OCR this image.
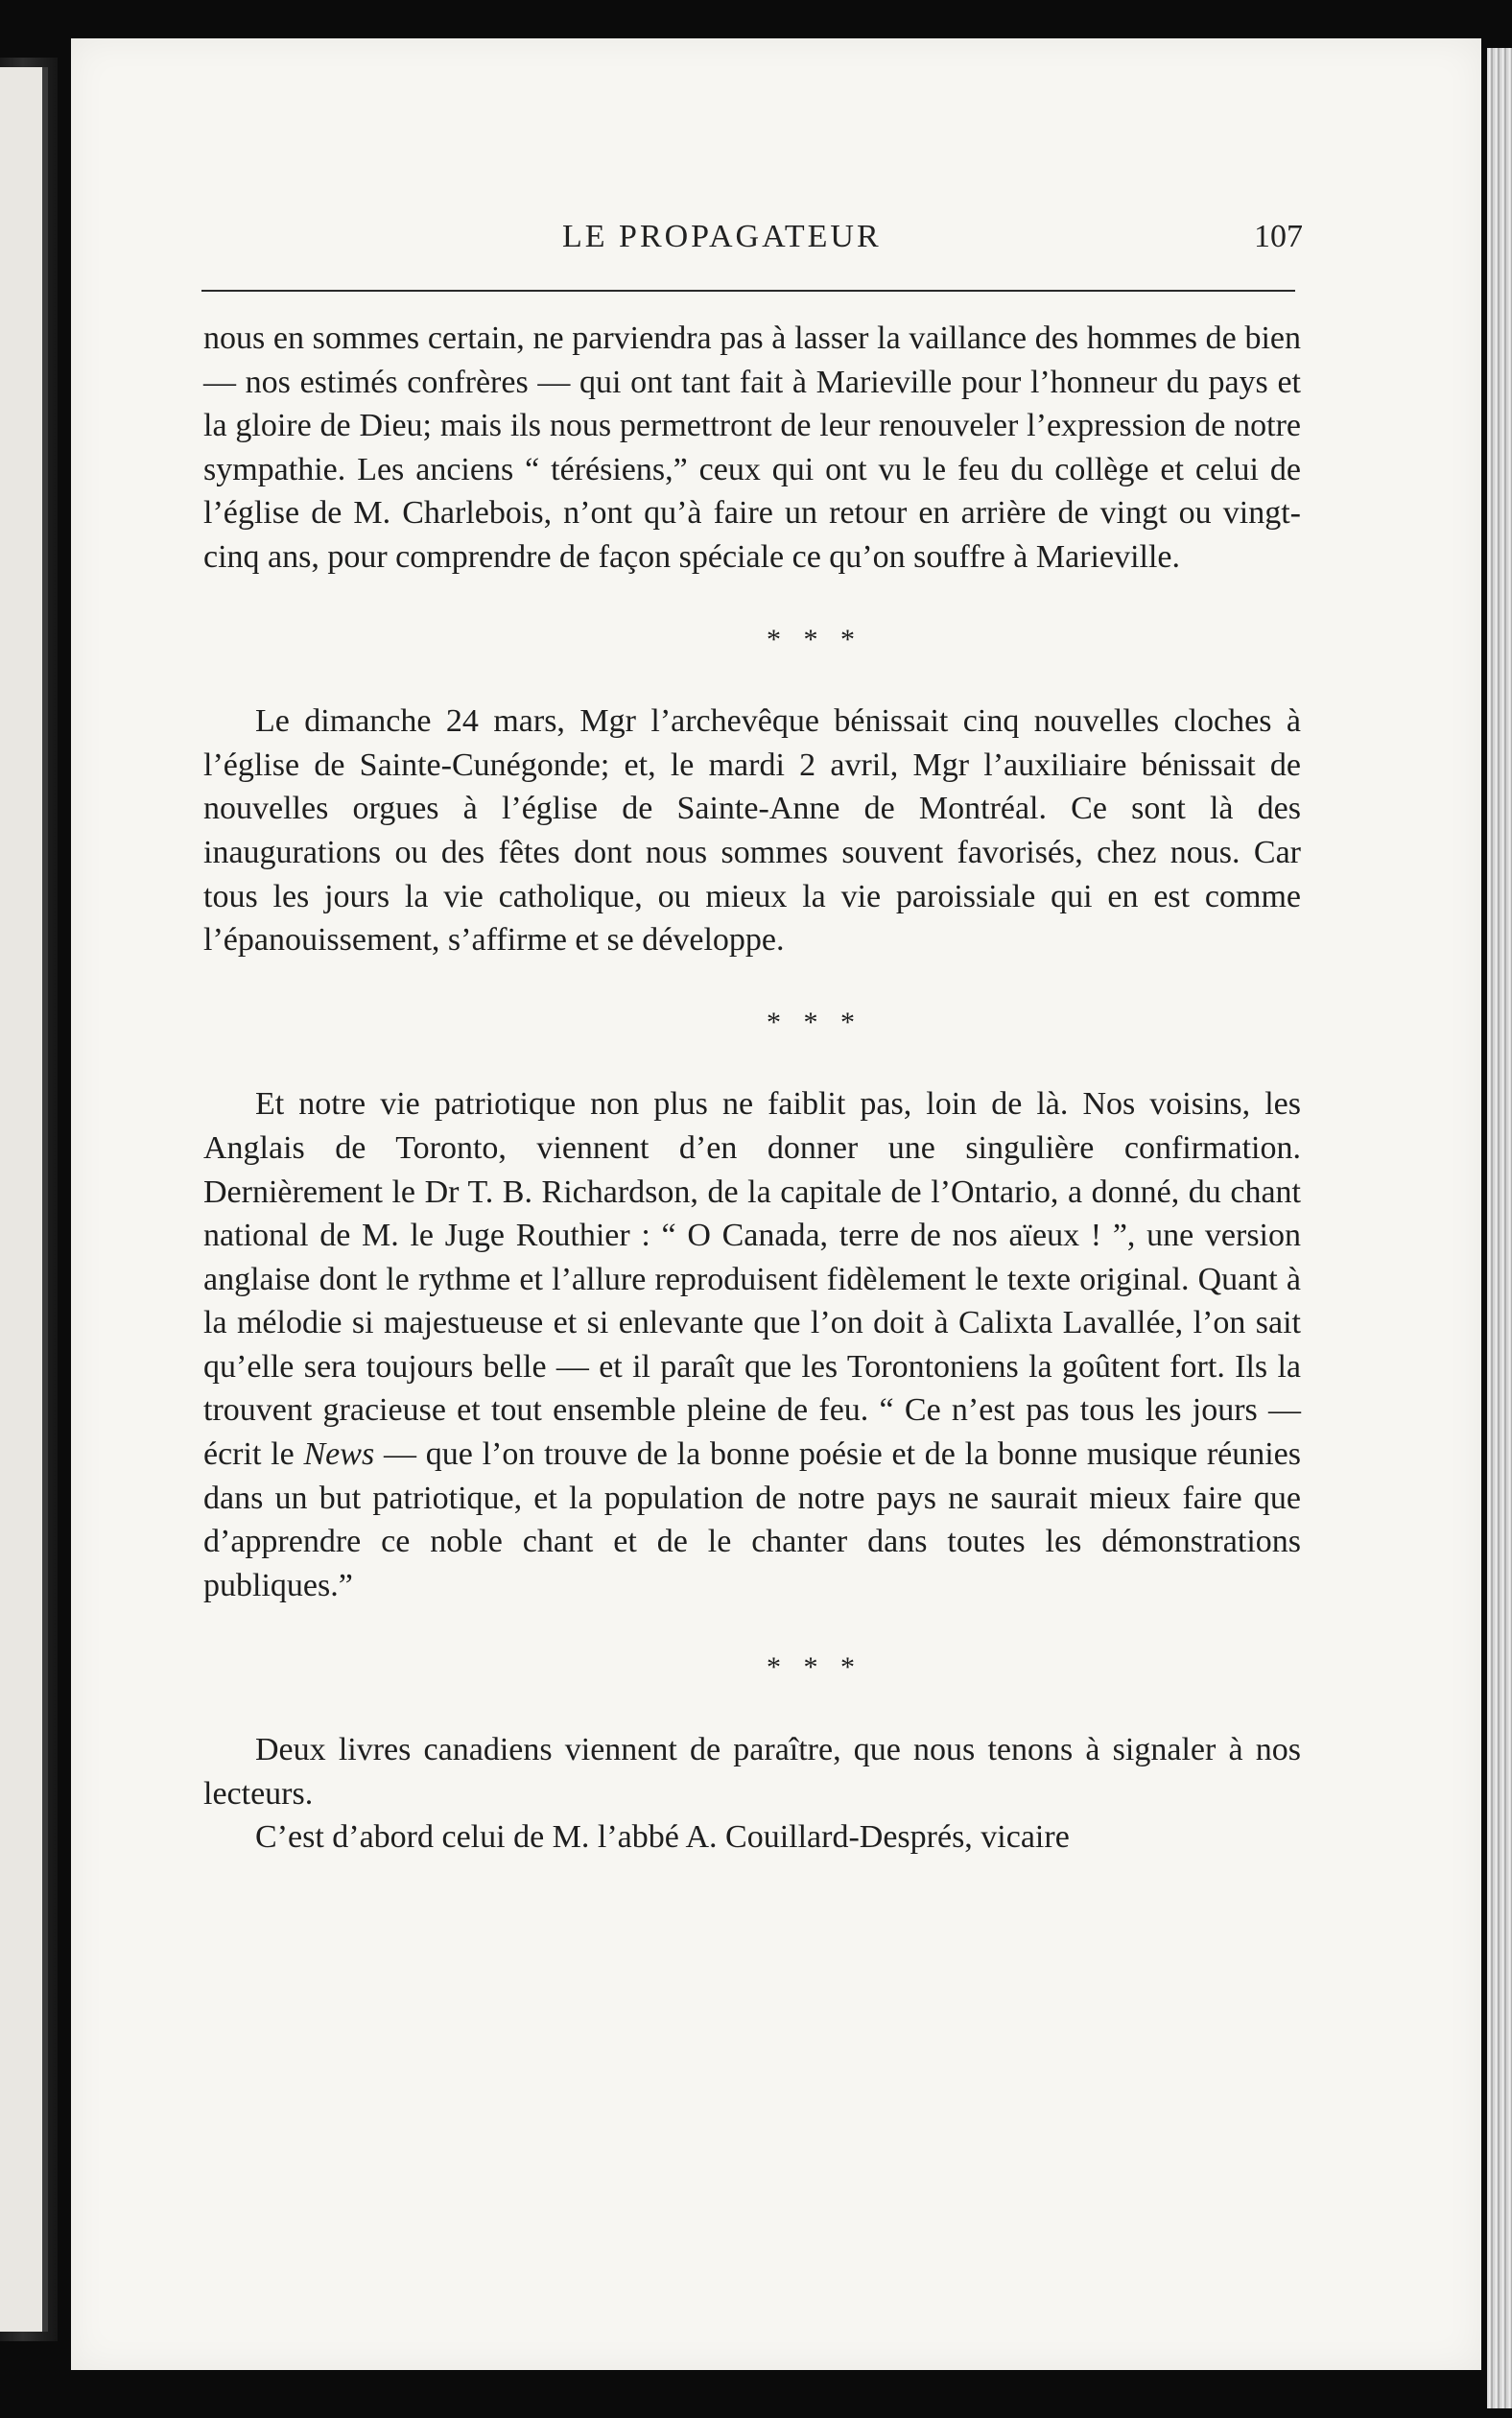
LE PROPAGATEUR	107

nous en sommes certain, ne parviendra pas à lasser la vaillance des hommes de bien — nos estimés confrères — qui ont tant fait à Marieville pour l’honneur du pays et la gloire de Dieu; mais ils nous permettront de leur renouveler l’expression de notre sympathie. Les anciens “ térésiens,” ceux qui ont vu le feu du collège et celui de l’église de M. Charlebois, n’ont qu’à faire un retour en arrière de vingt ou vingt-cinq ans, pour comprendre de façon spéciale ce qu’on souffre à Marieville.

* * *

Le dimanche 24 mars, Mgr l’archevêque bénissait cinq nouvelles cloches à l’église de Sainte-Cunégonde; et, le mardi 2 avril, Mgr l’auxiliaire bénissait de nouvelles orgues à l’église de Sainte-Anne de Montréal. Ce sont là des inaugurations ou des fêtes dont nous sommes souvent favorisés, chez nous. Car tous les jours la vie catholique, ou mieux la vie paroissiale qui en est comme l’épanouissement, s’affirme et se développe.

* * *

Et notre vie patriotique non plus ne faiblit pas, loin de là. Nos voisins, les Anglais de Toronto, viennent d’en donner une singulière confirmation. Dernièrement le Dr T. B. Richardson, de la capitale de l’Ontario, a donné, du chant national de M. le Juge Routhier : “ O Canada, terre de nos aïeux ! ”, une version anglaise dont le rythme et l’allure reproduisent fidèlement le texte original. Quant à la mélodie si majestueuse et si enlevante que l’on doit à Calixta Lavallée, l’on sait qu’elle sera toujours belle — et il paraît que les Torontoniens la goûtent fort. Ils la trouvent gracieuse et tout ensemble pleine de feu. “ Ce n’est pas tous les jours — écrit le News — que l’on trouve de la bonne poésie et de la bonne musique réunies dans un but patriotique, et la population de notre pays ne saurait mieux faire que d’apprendre ce noble chant et de le chanter dans toutes les démonstrations publiques.”

* * *

Deux livres canadiens viennent de paraître, que nous tenons à signaler à nos lecteurs.

C’est d’abord celui de M. l’abbé A. Couillard-Després, vicaire
